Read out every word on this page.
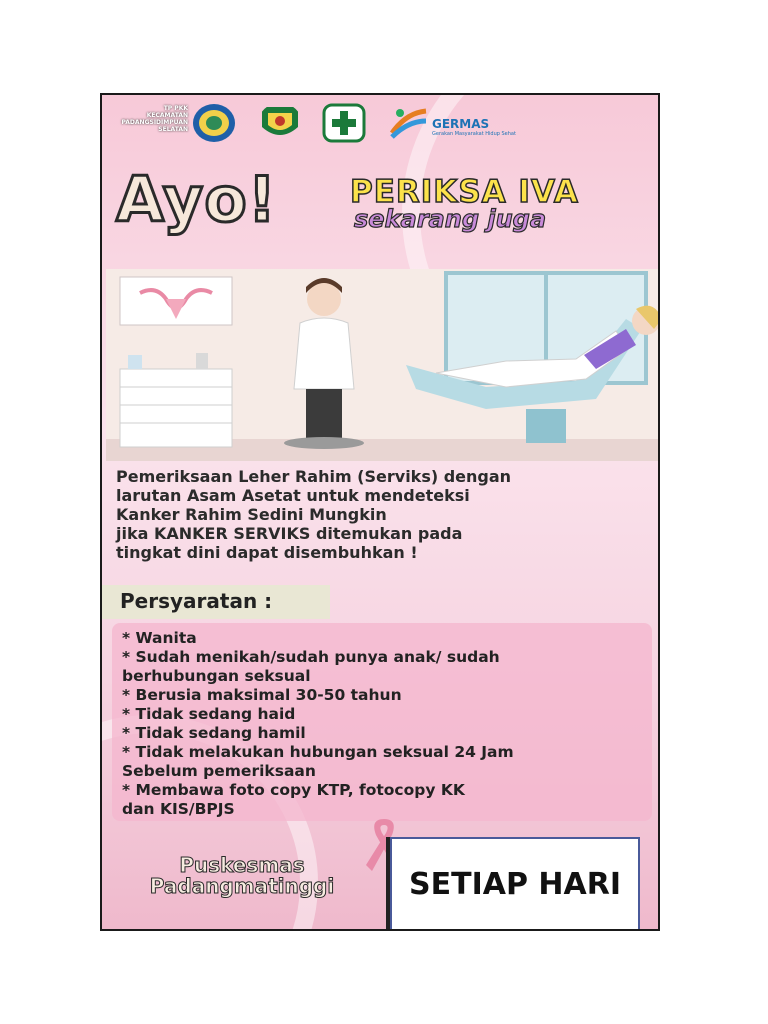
TP PKK
KECAMATAN
PADANGSIDIMPUAN
SELATAN	GERMAS
Gerakan Masyarakat Hidup Sehat
Ayo! PERIKSA IVA
sekarang juga
Pemeriksaan Leher Rahim (Serviks) dengan
larutan Asam Asetat untuk mendeteksi
Kanker Rahim Sedini Mungkin
jika KANKER SERVIKS ditemukan pada
tingkat dini dapat disembuhkan !
Persyaratan :
* Wanita
* Sudah menikah/sudah punya anak/ sudah
berhubungan seksual
* Berusia maksimal 30-50 tahun
* Tidak sedang haid
* Tidak sedang hamil
* Tidak melakukan hubungan seksual 24 Jam
Sebelum pemeriksaan
* Membawa foto copy KTP, fotocopy KK
dan KIS/BPJS
Puskesmas
Padangmatinggi	SETIAP HARI
